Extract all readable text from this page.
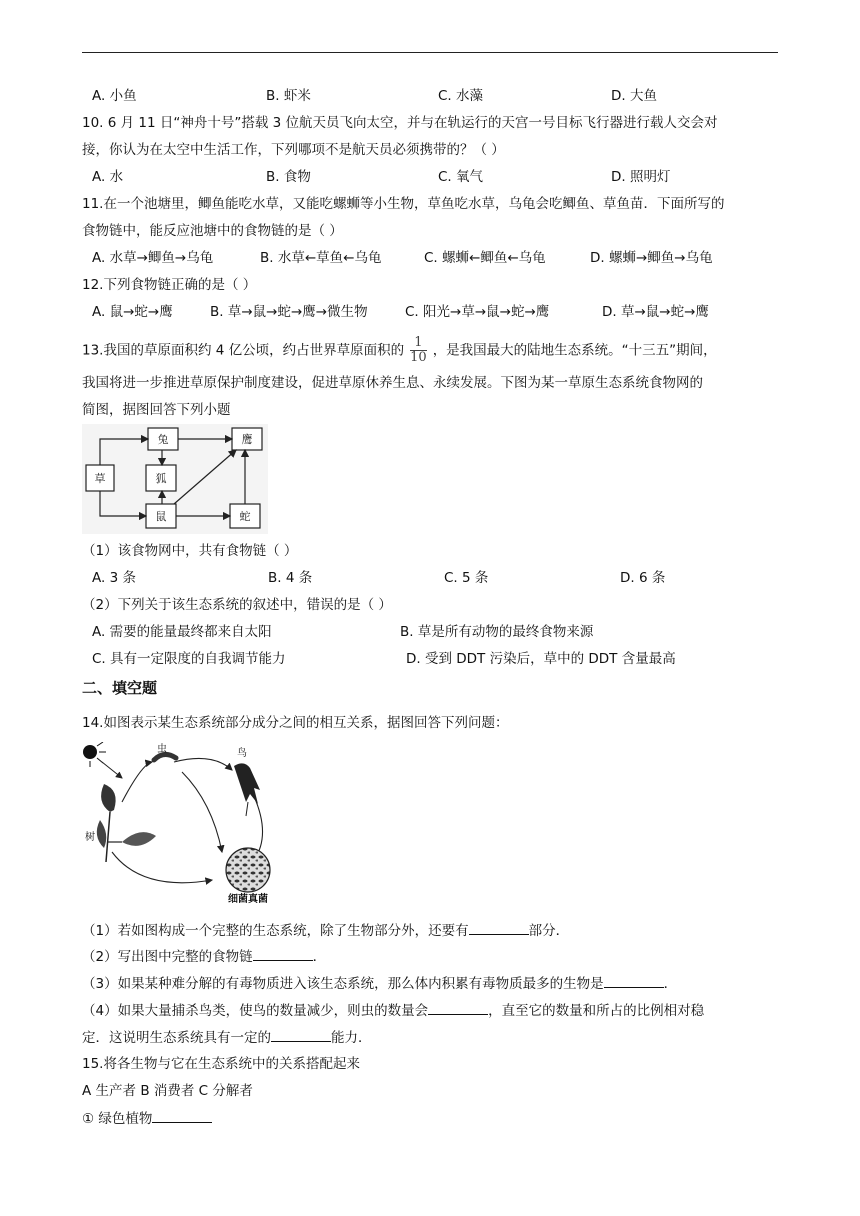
A. 小鱼	B. 虾米	C. 水藻	D. 大鱼
10. 6 月 11 日“神舟十号”搭载 3 位航天员飞向太空，并与在轨运行的天宫一号目标飞行器进行载人交会对
接，你认为在太空中生活工作，下列哪项不是航天员必须携带的？（ ）
A. 水	B. 食物	C. 氧气	D. 照明灯
11.在一个池塘里，鲫鱼能吃水草，又能吃螺蛳等小生物，草鱼吃水草，乌龟会吃鲫鱼、草鱼苗．下面所写的
食物链中，能反应池塘中的食物链的是（ ）
A. 水草→鲫鱼→乌龟	B. 水草←草鱼←乌龟	C. 螺蛳←鲫鱼←乌龟	D. 螺蛳→鲫鱼→乌龟
12.下列食物链正确的是（ ）
A. 鼠→蛇→鹰	B. 草→鼠→蛇→鹰→微生物	C. 阳光→草→鼠→蛇→鹰	D. 草→鼠→蛇→鹰
13.我国的草原面积约 4 亿公顷，约占世界草原面积的 $\frac{1}{10}$ ，是我国最大的陆地生态系统。“十三五”期间，
我国将进一步推进草原保护制度建设，促进草原休养生息、永续发展。下图为某一草原生态系统食物网的
简图，据图回答下列小题
草
兔	鹰
狐
鼠	蛇
（1）该食物网中，共有食物链（ ）
A. 3 条	B. 4 条	C. 5 条	D. 6 条
（2）下列关于该生态系统的叙述中，错误的是（ ）
A. 需要的能量最终都来自太阳	B. 草是所有动物的最终食物来源
C. 具有一定限度的自我调节能力	D. 受到 DDT 污染后，草中的 DDT 含量最高
二、填空题
14.如图表示某生态系统部分成分之间的相互关系，据图回答下列问题：
虫	鸟
树
细菌真菌
（1）若如图构成一个完整的生态系统，除了生物部分外，还要有	部分．
（2）写出图中完整的食物链	．
（3）如果某种难分解的有毒物质进入该生态系统，那么体内积累有毒物质最多的生物是	．
（4）如果大量捕杀鸟类，使鸟的数量减少，则虫的数量会	，直至它的数量和所占的比例相对稳
定．这说明生态系统具有一定的	能力．
15.将各生物与它在生态系统中的关系搭配起来
A 生产者 B 消费者 C 分解者
① 绿色植物
